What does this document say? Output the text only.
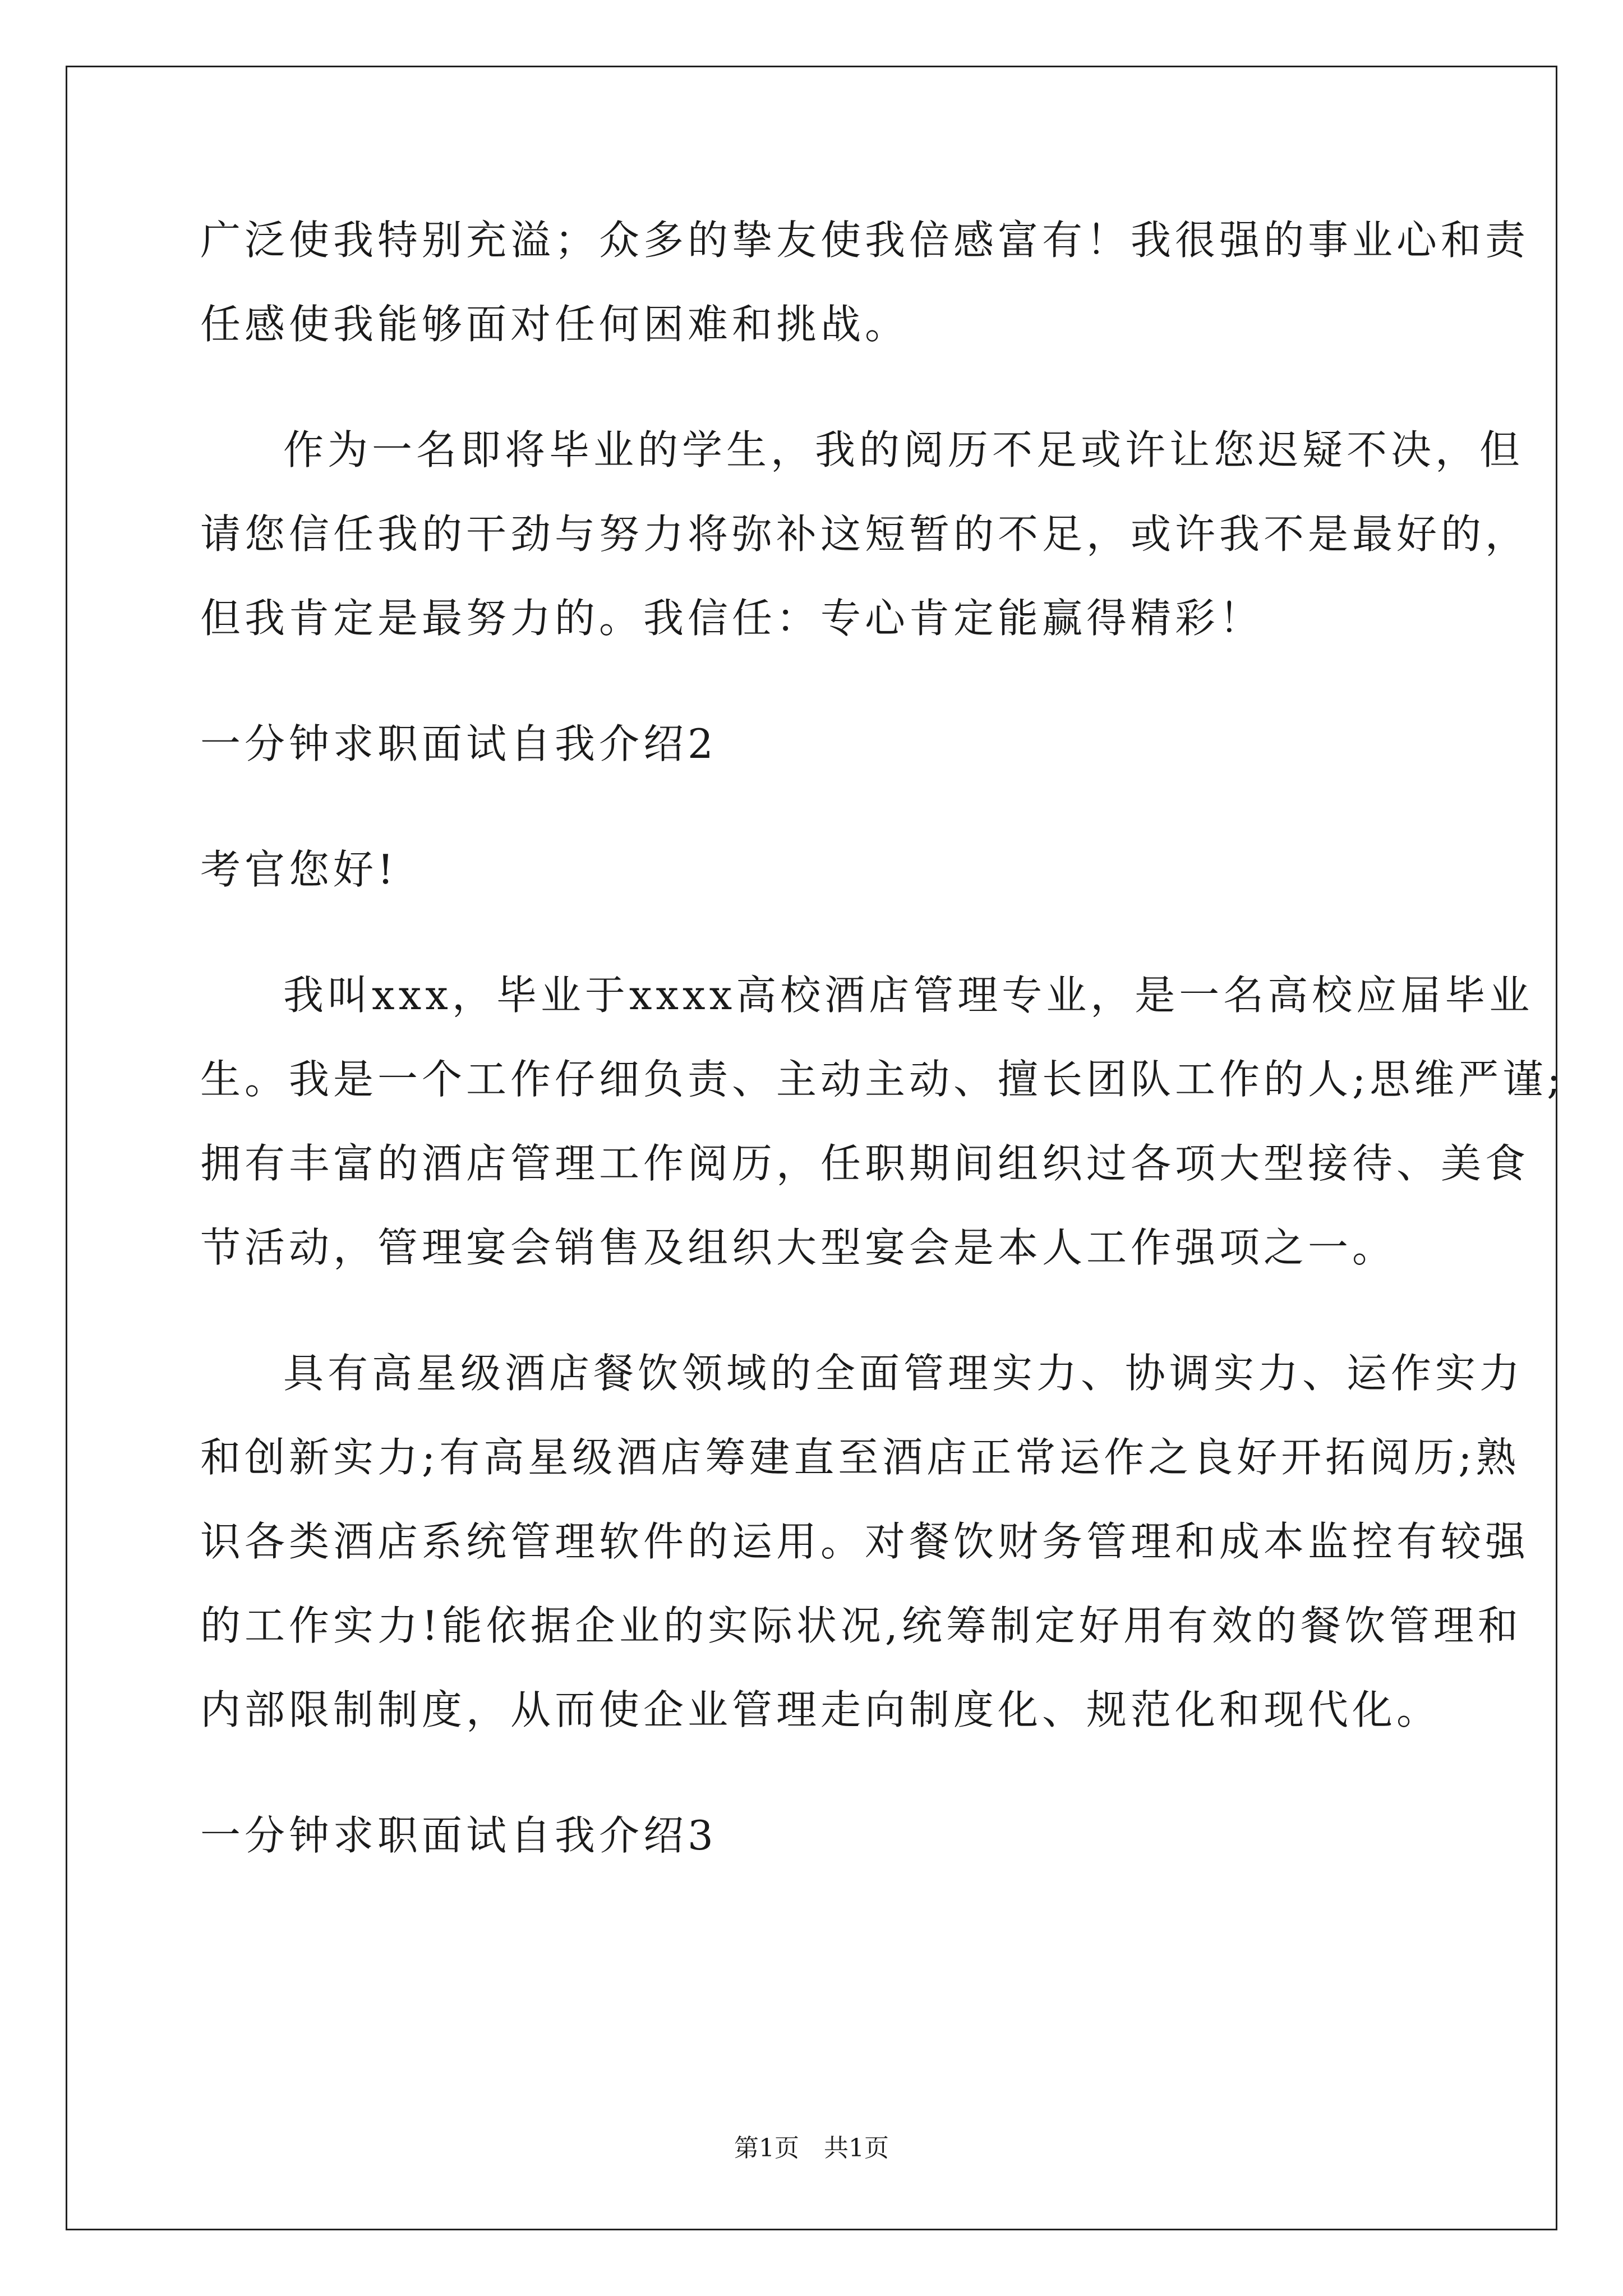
广泛使我特别充溢；众多的挚友使我倍感富有！我很强的事业心和责
任感使我能够面对任何困难和挑战。
作为一名即将毕业的学生，我的阅历不足或许让您迟疑不决，但
请您信任我的干劲与努力将弥补这短暂的不足，或许我不是最好的，
但我肯定是最努力的。我信任：专心肯定能赢得精彩！
一分钟求职面试自我介绍2
考官您好!
我叫xxx，毕业于xxxx高校酒店管理专业，是一名高校应届毕业
生。我是一个工作仔细负责、主动主动、擅长团队工作的人;思维严谨;
拥有丰富的酒店管理工作阅历，任职期间组织过各项大型接待、美食
节活动，管理宴会销售及组织大型宴会是本人工作强项之一。
具有高星级酒店餐饮领域的全面管理实力、协调实力、运作实力
和创新实力;有高星级酒店筹建直至酒店正常运作之良好开拓阅历;熟
识各类酒店系统管理软件的运用。对餐饮财务管理和成本监控有较强
的工作实力!能依据企业的实际状况,统筹制定好用有效的餐饮管理和
内部限制制度，从而使企业管理走向制度化、规范化和现代化。
一分钟求职面试自我介绍3
第1页　共1页
